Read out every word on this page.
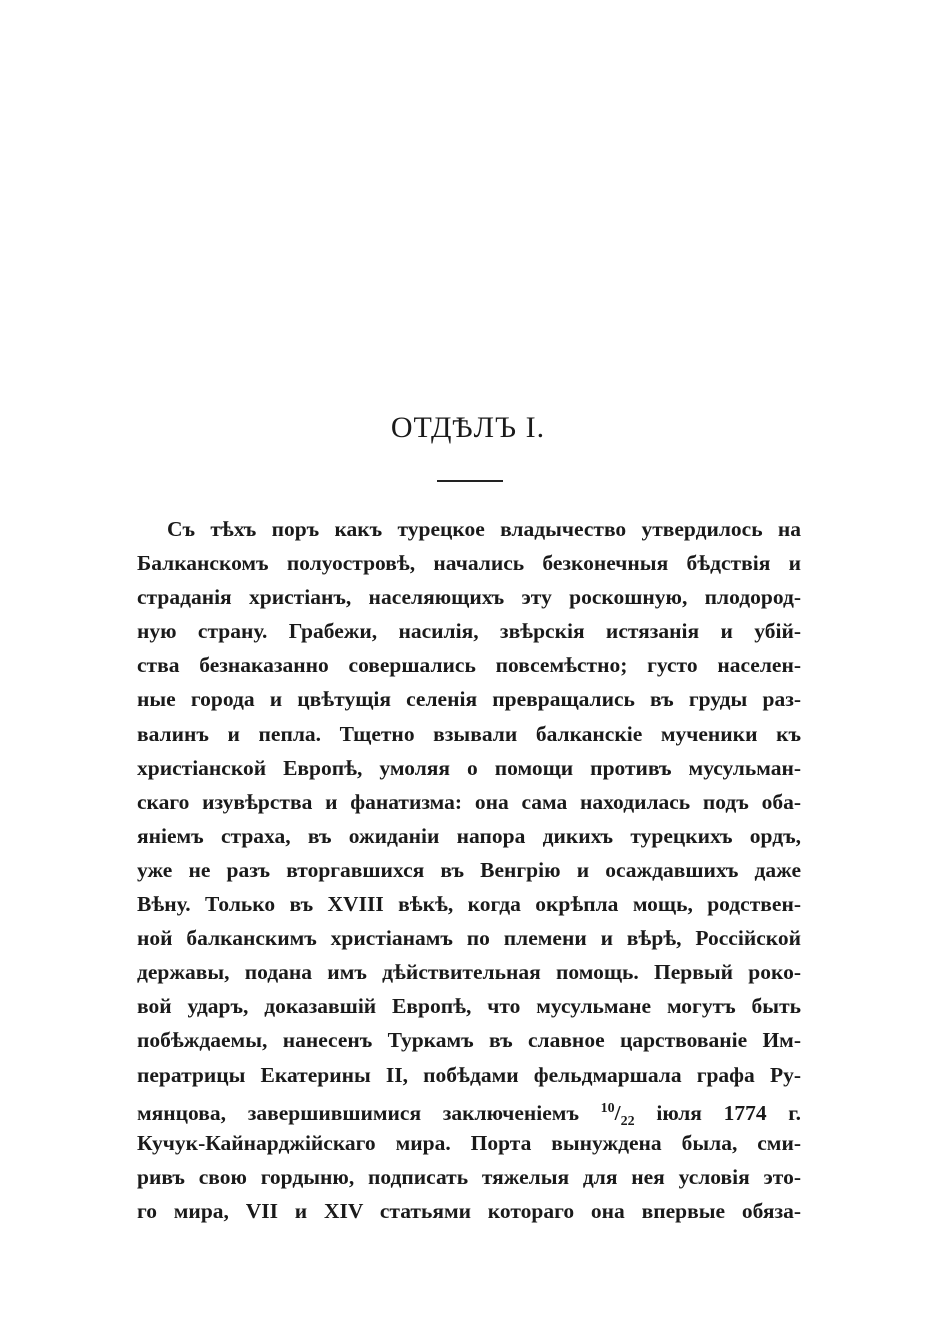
ОТДѢЛЪ I.
Съ тѣхъ поръ какъ турецкое владычество утвердилось на
Балканскомъ полуостровѣ, начались безконечныя бѣдствія и
страданія христіанъ, населяющихъ эту роскошную, плодород-
ную страну. Грабежи, насилія, звѣрскія истязанія и убій-
ства безнаказанно совершались повсемѣстно; густо населен-
ные города и цвѣтущія селенія превращались въ груды раз-
валинъ и пепла. Тщетно взывали балканскіе мученики къ
христіанской Европѣ, умоляя о помощи противъ мусульман-
скаго изувѣрства и фанатизма: она сама находилась подъ оба-
яніемъ страха, въ ожиданіи напора дикихъ турецкихъ ордъ,
уже не разъ вторгавшихся въ Венгрію и осаждавшихъ даже
Вѣну. Только въ XVIII вѣкѣ, когда окрѣпла мощь, родствен-
ной балканскимъ христіанамъ по племени и вѣрѣ, Россійской
державы, подана имъ дѣйствительная помощь. Первый роко-
вой ударъ, доказавшій Европѣ, что мусульмане могутъ быть
побѣждаемы, нанесенъ Туркамъ въ славное царствованіе Им-
ператрицы Екатерины II, побѣдами фельдмаршала графа Ру-
мянцова, завершившимися заключеніемъ $^{10}/_{22}$ іюля 1774 г.
Кучук-Кайнарджійскаго мира. Порта вынуждена была, сми-
ривъ свою гордыню, подписать тяжелыя для нея условія это-
го мира, VII и XIV статьями котораго она впервые обяза-
